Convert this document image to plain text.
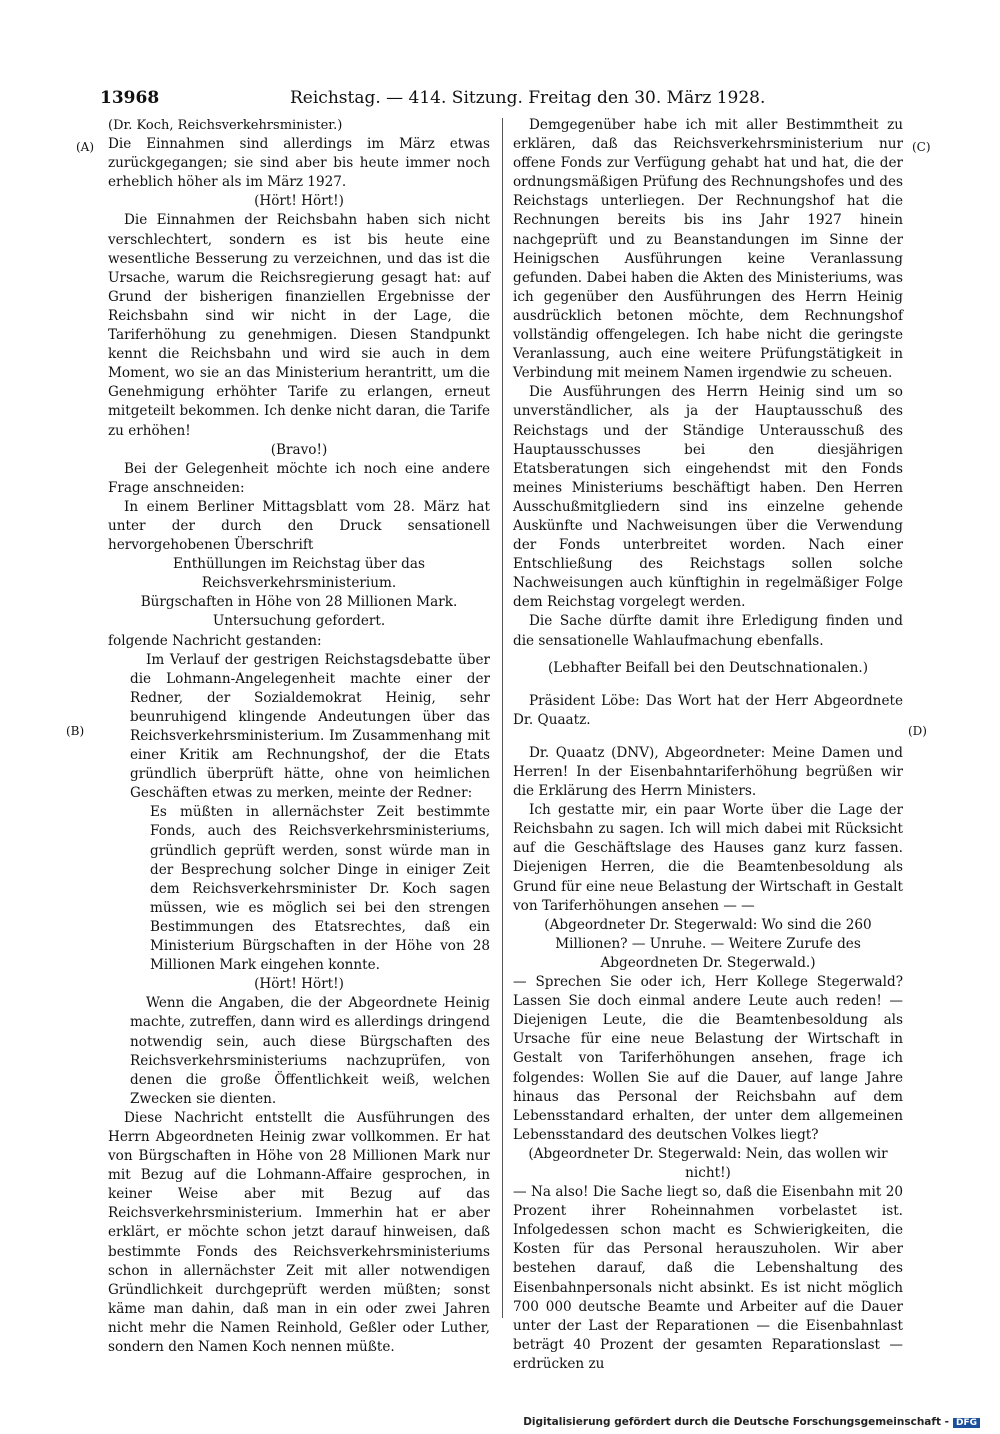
13968	Reichstag. — 414. Sitzung. Freitag den 30. März 1928.
(A)
(B)
(C)
(D)

(Dr. Koch, Reichsverkehrsminister.)

Die Einnahmen sind allerdings im März etwas zurückgegangen; sie sind aber bis heute immer noch erheblich höher als im März 1927.

(Hört! Hört!)

Die Einnahmen der Reichsbahn haben sich nicht verschlechtert, sondern es ist bis heute eine wesentliche Besserung zu verzeichnen, und das ist die Ursache, warum die Reichsregierung gesagt hat: auf Grund der bisherigen finanziellen Ergebnisse der Reichsbahn sind wir nicht in der Lage, die Tariferhöhung zu genehmigen. Diesen Standpunkt kennt die Reichsbahn und wird sie auch in dem Moment, wo sie an das Ministerium herantritt, um die Genehmigung erhöhter Tarife zu erlangen, erneut mitgeteilt bekommen. Ich denke nicht daran, die Tarife zu erhöhen!

(Bravo!)

Bei der Gelegenheit möchte ich noch eine andere Frage anschneiden:

In einem Berliner Mittagsblatt vom 28. März hat unter der durch den Druck sensationell hervorgehobenen Überschrift

Enthüllungen im Reichstag über das Reichsverkehrsministerium.

Bürgschaften in Höhe von 28 Millionen Mark. Untersuchung gefordert.

folgende Nachricht gestanden:

Im Verlauf der gestrigen Reichstagsdebatte über die Lohmann-Angelegenheit machte einer der Redner, der Sozialdemokrat Heinig, sehr beunruhigend klingende Andeutungen über das Reichsverkehrsministerium. Im Zusammenhang mit einer Kritik am Rechnungshof, der die Etats gründlich überprüft hätte, ohne von heimlichen Geschäften etwas zu merken, meinte der Redner:

Es müßten in allernächster Zeit bestimmte Fonds, auch des Reichsverkehrsministeriums, gründlich geprüft werden, sonst würde man in der Besprechung solcher Dinge in einiger Zeit dem Reichsverkehrsminister Dr. Koch sagen müssen, wie es möglich sei bei den strengen Bestimmungen des Etatsrechtes, daß ein Ministerium Bürgschaften in der Höhe von 28 Millionen Mark eingehen konnte.

(Hört! Hört!)

Wenn die Angaben, die der Abgeordnete Heinig machte, zutreffen, dann wird es allerdings dringend notwendig sein, auch diese Bürgschaften des Reichsverkehrsministeriums nachzuprüfen, von denen die große Öffentlichkeit weiß, welchen Zwecken sie dienten.

Diese Nachricht entstellt die Ausführungen des Herrn Abgeordneten Heinig zwar vollkommen. Er hat von Bürgschaften in Höhe von 28 Millionen Mark nur mit Bezug auf die Lohmann-Affaire gesprochen, in keiner Weise aber mit Bezug auf das Reichsverkehrsministerium. Immerhin hat er aber erklärt, er möchte schon jetzt darauf hinweisen, daß bestimmte Fonds des Reichsverkehrsministeriums schon in allernächster Zeit mit aller notwendigen Gründlichkeit durchgeprüft werden müßten; sonst käme man dahin, daß man in ein oder zwei Jahren nicht mehr die Namen Reinhold, Geßler oder Luther, sondern den Namen Koch nennen müßte.

Demgegenüber habe ich mit aller Bestimmtheit zu erklären, daß das Reichsverkehrsministerium nur offene Fonds zur Verfügung gehabt hat und hat, die der ordnungsmäßigen Prüfung des Rechnungshofes und des Reichstags unterliegen. Der Rechnungshof hat die Rechnungen bereits bis ins Jahr 1927 hinein nachgeprüft und zu Beanstandungen im Sinne der Heinigschen Ausführungen keine Veranlassung gefunden. Dabei haben die Akten des Ministeriums, was ich gegenüber den Ausführungen des Herrn Heinig ausdrücklich betonen möchte, dem Rechnungshof vollständig offengelegen. Ich habe nicht die geringste Veranlassung, auch eine weitere Prüfungstätigkeit in Verbindung mit meinem Namen irgendwie zu scheuen.

Die Ausführungen des Herrn Heinig sind um so unverständlicher, als ja der Hauptausschuß des Reichstags und der Ständige Unterausschuß des Hauptausschusses bei den diesjährigen Etatsberatungen sich eingehendst mit den Fonds meines Ministeriums beschäftigt haben. Den Herren Ausschußmitgliedern sind ins einzelne gehende Auskünfte und Nachweisungen über die Verwendung der Fonds unterbreitet worden. Nach einer Entschließung des Reichstags sollen solche Nachweisungen auch künftighin in regelmäßiger Folge dem Reichstag vorgelegt werden.

Die Sache dürfte damit ihre Erledigung finden und die sensationelle Wahlaufmachung ebenfalls.

(Lebhafter Beifall bei den Deutschnationalen.)

Präsident Löbe: Das Wort hat der Herr Abgeordnete Dr. Quaatz.

Dr. Quaatz (DNV), Abgeordneter: Meine Damen und Herren! In der Eisenbahntariferhöhung begrüßen wir die Erklärung des Herrn Ministers.

Ich gestatte mir, ein paar Worte über die Lage der Reichsbahn zu sagen. Ich will mich dabei mit Rücksicht auf die Geschäftslage des Hauses ganz kurz fassen. Diejenigen Herren, die die Beamtenbesoldung als Grund für eine neue Belastung der Wirtschaft in Gestalt von Tariferhöhungen ansehen — —

(Abgeordneter Dr. Stegerwald: Wo sind die 260 Millionen? — Unruhe. — Weitere Zurufe des Abgeordneten Dr. Stegerwald.)

— Sprechen Sie oder ich, Herr Kollege Stegerwald? Lassen Sie doch einmal andere Leute auch reden! — Diejenigen Leute, die die Beamtenbesoldung als Ursache für eine neue Belastung der Wirtschaft in Gestalt von Tariferhöhungen ansehen, frage ich folgendes: Wollen Sie auf die Dauer, auf lange Jahre hinaus das Personal der Reichsbahn auf dem Lebensstandard erhalten, der unter dem allgemeinen Lebensstandard des deutschen Volkes liegt?

(Abgeordneter Dr. Stegerwald: Nein, das wollen wir nicht!)

— Na also! Die Sache liegt so, daß die Eisenbahn mit 20 Prozent ihrer Roheinnahmen vorbelastet ist. Infolgedessen schon macht es Schwierigkeiten, die Kosten für das Personal herauszuholen. Wir aber bestehen darauf, daß die Lebenshaltung des Eisenbahnpersonals nicht absinkt. Es ist nicht möglich 700 000 deutsche Beamte und Arbeiter auf die Dauer unter der Last der Reparationen — die Eisenbahnlast beträgt 40 Prozent der gesamten Reparationslast — erdrücken zu

Digitalisierung gefördert durch die Deutsche Forschungsgemeinschaft - DFG
